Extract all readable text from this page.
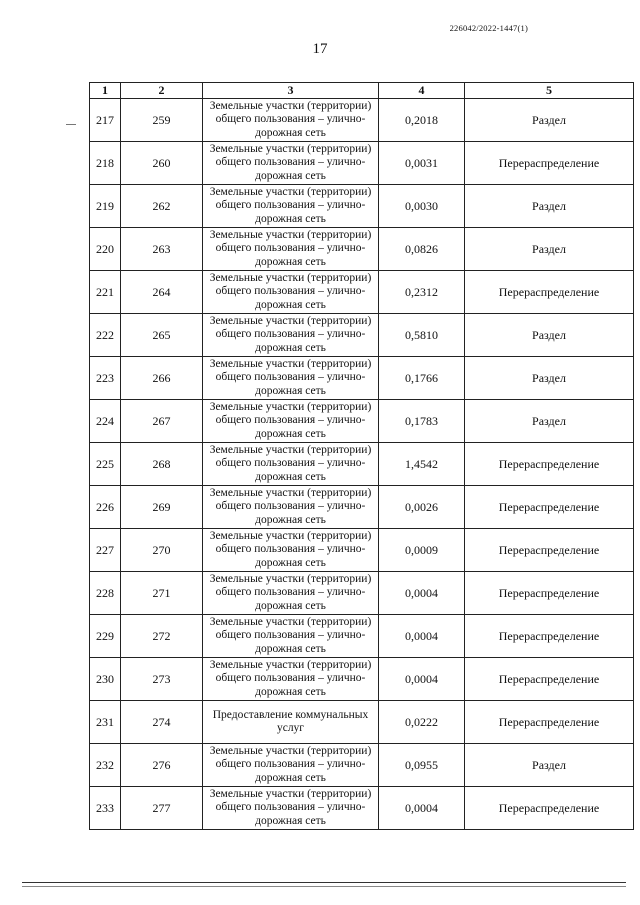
226042/2022-1447(1)
17
1	2	3	4	5
217	259	Земельные участки (территории) общего пользования – улично-дорожная сеть	0,2018	Раздел
218	260	Земельные участки (территории) общего пользования – улично-дорожная сеть	0,0031	Перераспределение
219	262	Земельные участки (территории) общего пользования – улично-дорожная сеть	0,0030	Раздел
220	263	Земельные участки (территории) общего пользования – улично-дорожная сеть	0,0826	Раздел
221	264	Земельные участки (территории) общего пользования – улично-дорожная сеть	0,2312	Перераспределение
222	265	Земельные участки (территории) общего пользования – улично-дорожная сеть	0,5810	Раздел
223	266	Земельные участки (территории) общего пользования – улично-дорожная сеть	0,1766	Раздел
224	267	Земельные участки (территории) общего пользования – улично-дорожная сеть	0,1783	Раздел
225	268	Земельные участки (территории) общего пользования – улично-дорожная сеть	1,4542	Перераспределение
226	269	Земельные участки (территории) общего пользования – улично-дорожная сеть	0,0026	Перераспределение
227	270	Земельные участки (территории) общего пользования – улично-дорожная сеть	0,0009	Перераспределение
228	271	Земельные участки (территории) общего пользования – улично-дорожная сеть	0,0004	Перераспределение
229	272	Земельные участки (территории) общего пользования – улично-дорожная сеть	0,0004	Перераспределение
230	273	Земельные участки (территории) общего пользования – улично-дорожная сеть	0,0004	Перераспределение
231	274	Предоставление коммунальных услуг	0,0222	Перераспределение
232	276	Земельные участки (территории) общего пользования – улично-дорожная сеть	0,0955	Раздел
233	277	Земельные участки (территории) общего пользования – улично-дорожная сеть	0,0004	Перераспределение
